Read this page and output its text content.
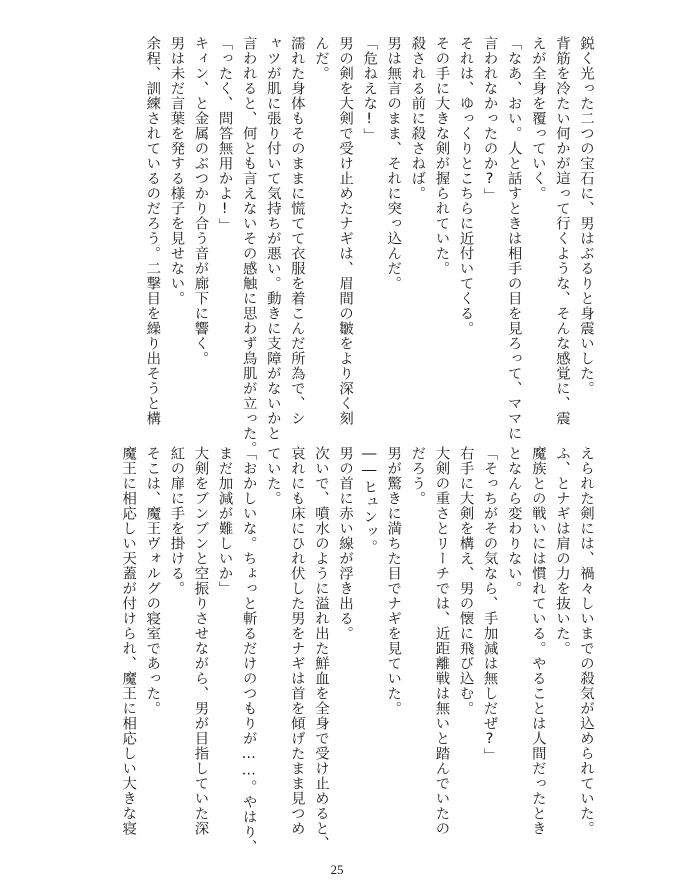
鋭く光った二つの宝石に、男はぶるりと身震いした。

背筋を冷たい何かが這って行くような、そんな感覚に、震

えが全身を覆っていく。

「なあ、おい。人と話すときは相手の目を見ろって、ママに

言われなかったのか?」

それは、ゆっくりとこちらに近付いてくる。

その手に大きな剣が握られていた。

殺される前に殺さねば。

男は無言のまま、それに突っ込んだ。

「危ねえな!」

男の剣を大剣で受け止めたナギは、眉間の皺をより深く刻

んだ。

濡れた身体もそのままに慌てて衣服を着こんだ所為で、シ

ャツが肌に張り付いて気持ちが悪い。動きに支障がないかと

言われると、何とも言えないその感触に思わず鳥肌が立った。

「ったく、問答無用かよ!」

キィン、と金属のぶつかり合う音が廊下に響く。

男は未だ言葉を発する様子を見せない。

余程、訓練されているのだろう。二撃目を繰り出そうと構

えられた剣には、禍々しいまでの殺気が込められていた。

ふ、とナギは肩の力を抜いた。

魔族との戦いには慣れている。やることは人間だったとき

となんら変わりない。

「そっちがその気なら、手加減は無しだぜ?」

右手に大剣を構え、男の懐に飛び込む。

大剣の重さとリーチでは、近距離戦は無いと踏んでいたの

だろう。

男が驚きに満ちた目でナギを見ていた。

――ヒュンッ。

男の首に赤い線が浮き出る。

次いで、噴水のように溢れ出た鮮血を全身で受け止めると、

哀れにも床にひれ伏した男をナギは首を傾げたまま見つめ

ていた。

「おかしいな。ちょっと斬るだけのつもりが……。やはり、

まだ加減が難しいか」

大剣をブンブンと空振りさせながら、男が目指していた深

紅の扉に手を掛ける。

そこは、魔王ヴォルグの寝室であった。

魔王に相応しい天蓋が付けられ、魔王に相応しい大きな寝

25
